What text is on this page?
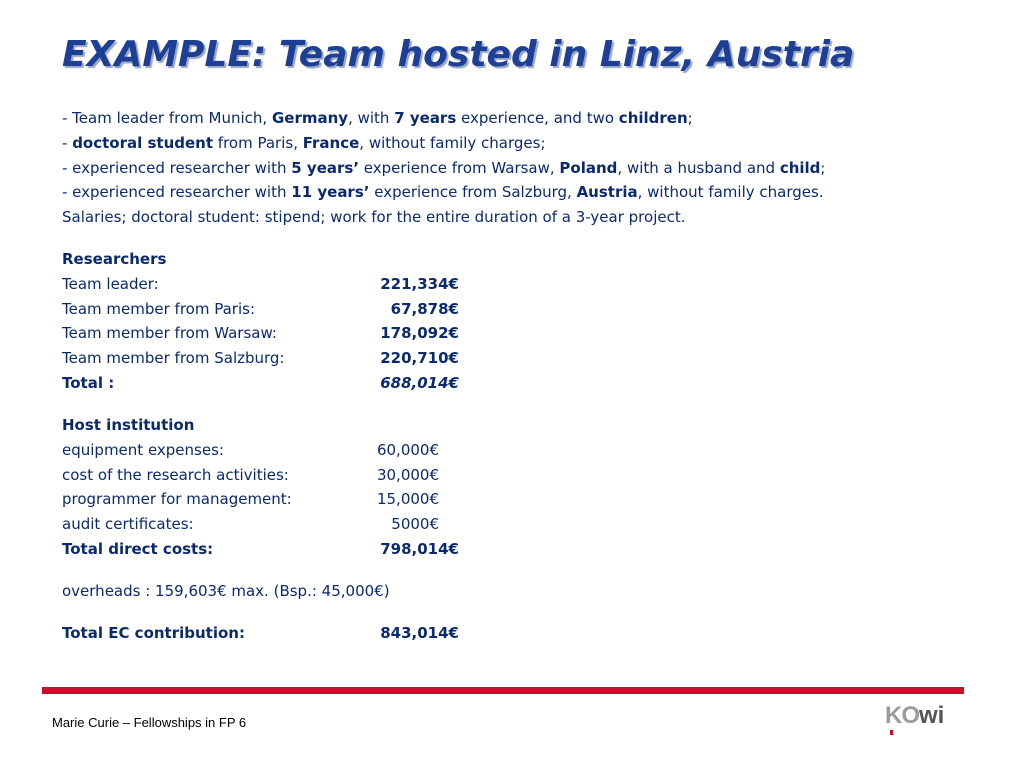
EXAMPLE: Team hosted in Linz, Austria
- Team leader from Munich, Germany, with 7 years experience, and two children;
- doctoral student from Paris, France, without family charges;
- experienced researcher with 5 years’ experience from Warsaw, Poland, with a husband and child;
- experienced researcher with 11 years’ experience from Salzburg, Austria, without family charges.
Salaries; doctoral student: stipend; work for the entire duration of a 3-year project.
Researchers
Team leader:	221,334€
Team member from Paris:	67,878€
Team member from Warsaw:	178,092€
Team member from Salzburg:	220,710€
Total :	688,014€
Host institution
equipment expenses:	60,000€
cost of the research activities:	30,000€
programmer for management:	15,000€
audit certificates:	5000€
Total direct costs:	798,014€
overheads : 159,603€ max. (Bsp.: 45,000€)
Total EC contribution:	843,014€
Marie Curie – Fellowships in FP 6	KOwi
